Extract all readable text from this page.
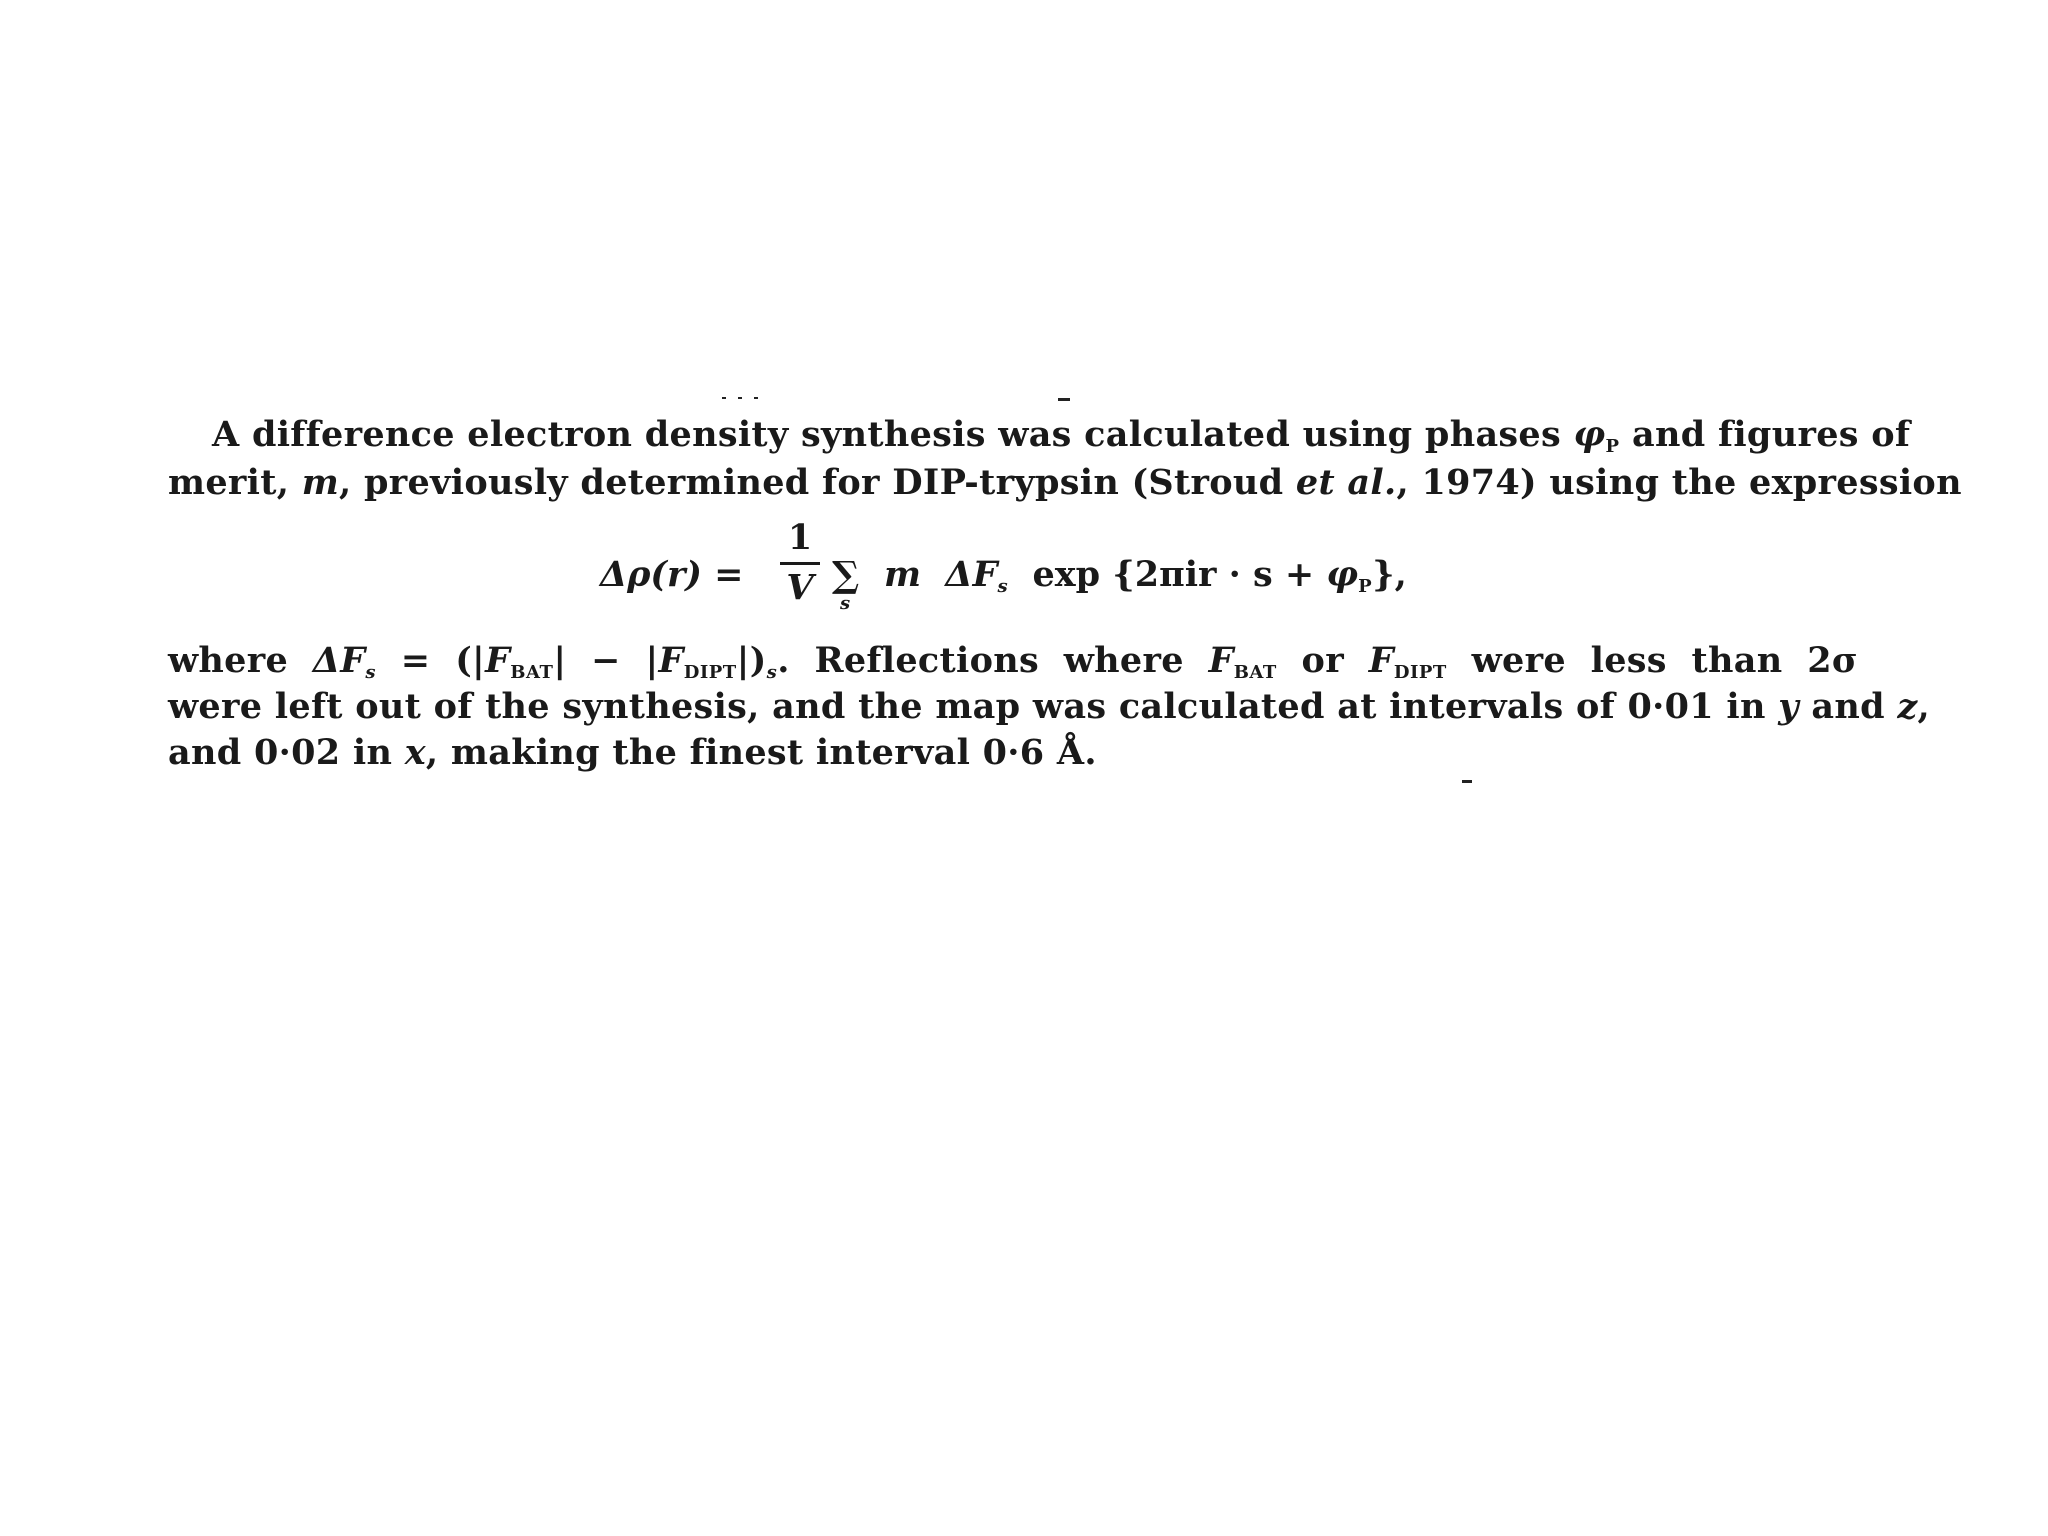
A difference electron density synthesis was calculated using phases $\varphi_P$ and figures of
merit, m, previously determined for DIP-trypsin (Stroud et al., 1974) using the expression
Δρ(r) =
1
V ∑
s
m $\Delta F_s$ $\exp \{2\pi ir \cdot s + \varphi_P\}$,
where $\Delta F_s = (|F_{BAT}| - |F_{DIPT}|)_s$. Reflections where $F_{BAT}$ or $F_{DIPT}$ were less than 2σ
were left out of the synthesis, and the map was calculated at intervals of 0·01 in y and z,
and 0·02 in x, making the finest interval 0·6 Å.
